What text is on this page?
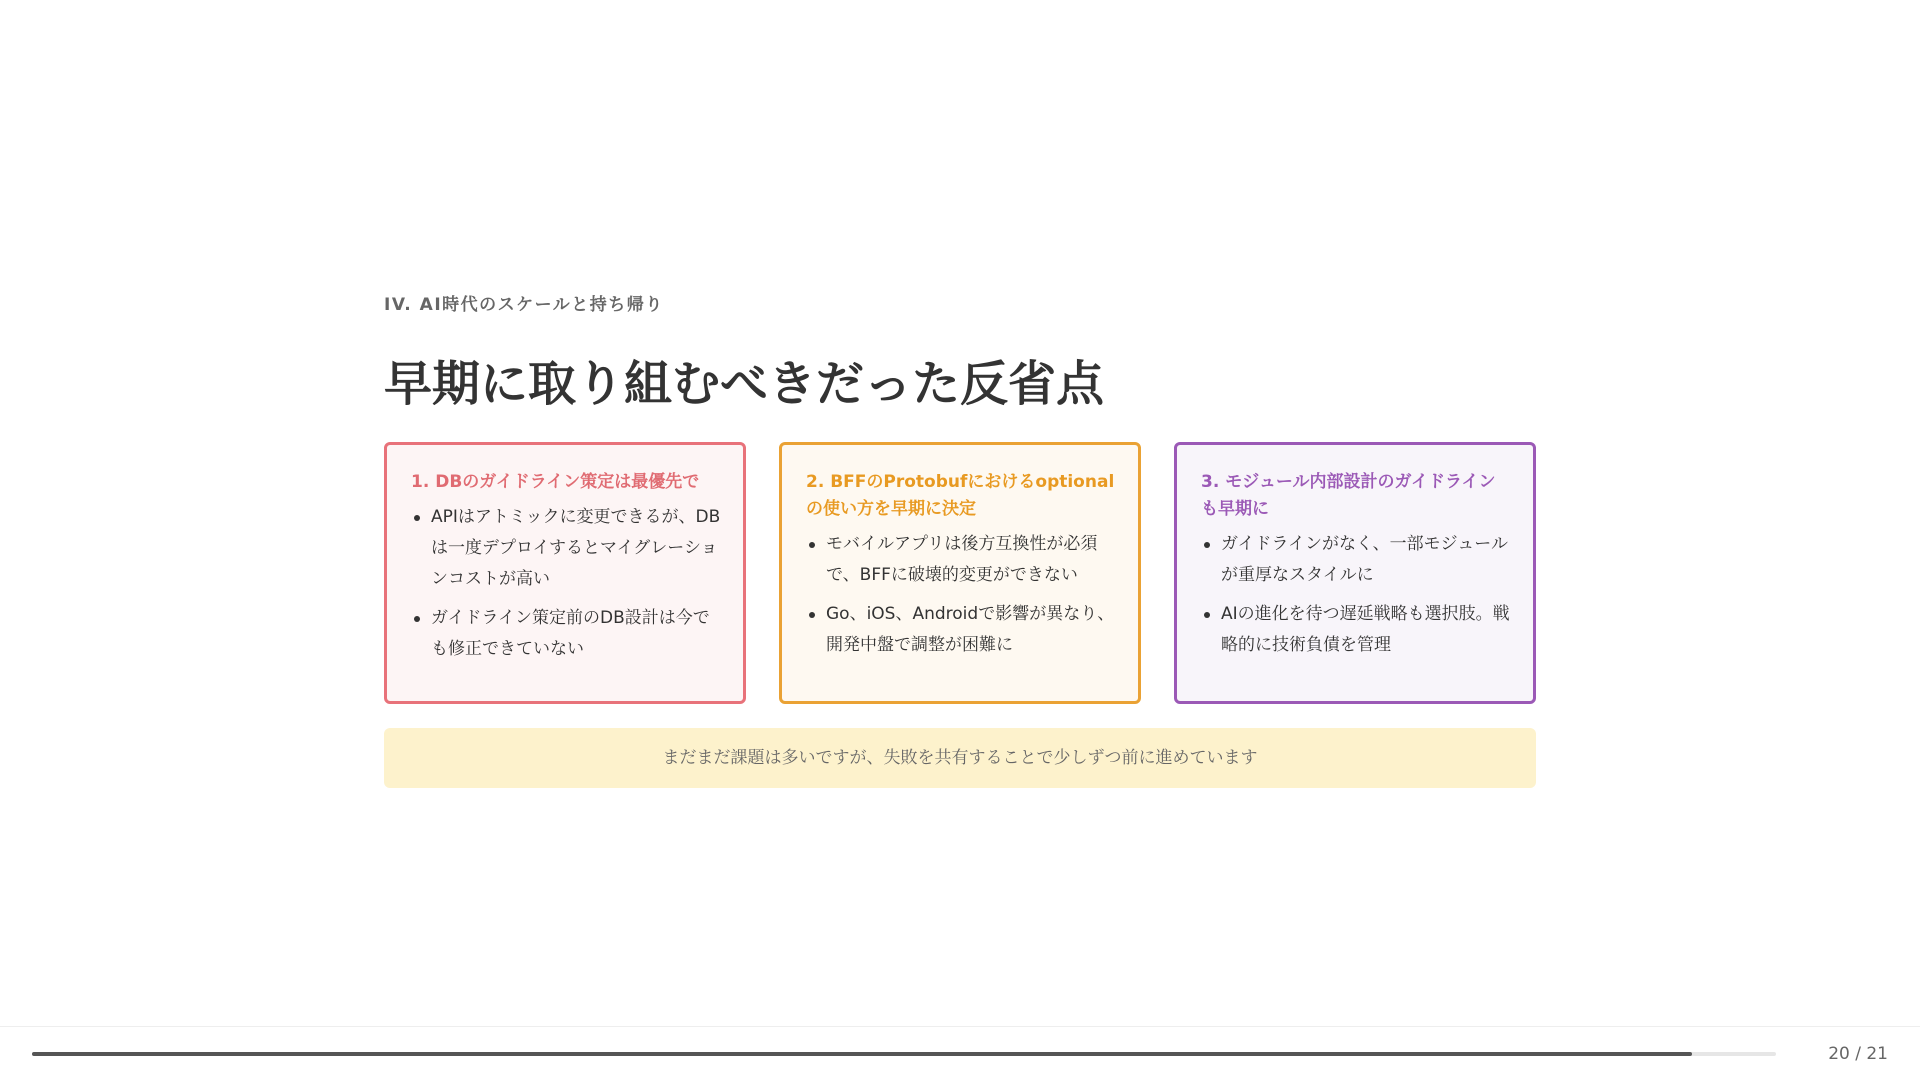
IV. AI時代のスケールと持ち帰り
早期に取り組むべきだった反省点
1. DBのガイドライン策定は最優先で
APIはアトミックに変更できるが、DBは一度デプロイするとマイグレーションコストが高い
ガイドライン策定前のDB設計は今でも修正できていない
2. BFFのProtobufにおけるoptionalの使い方を早期に決定
モバイルアプリは後方互換性が必須で、BFFに破壊的変更ができない
Go、iOS、Androidで影響が異なり、開発中盤で調整が困難に
3. モジュール内部設計のガイドラインも早期に
ガイドラインがなく、一部モジュールが重厚なスタイルに
AIの進化を待つ遅延戦略も選択肢。戦略的に技術負債を管理
まだまだ課題は多いですが、失敗を共有することで少しずつ前に進めています
20 / 21
